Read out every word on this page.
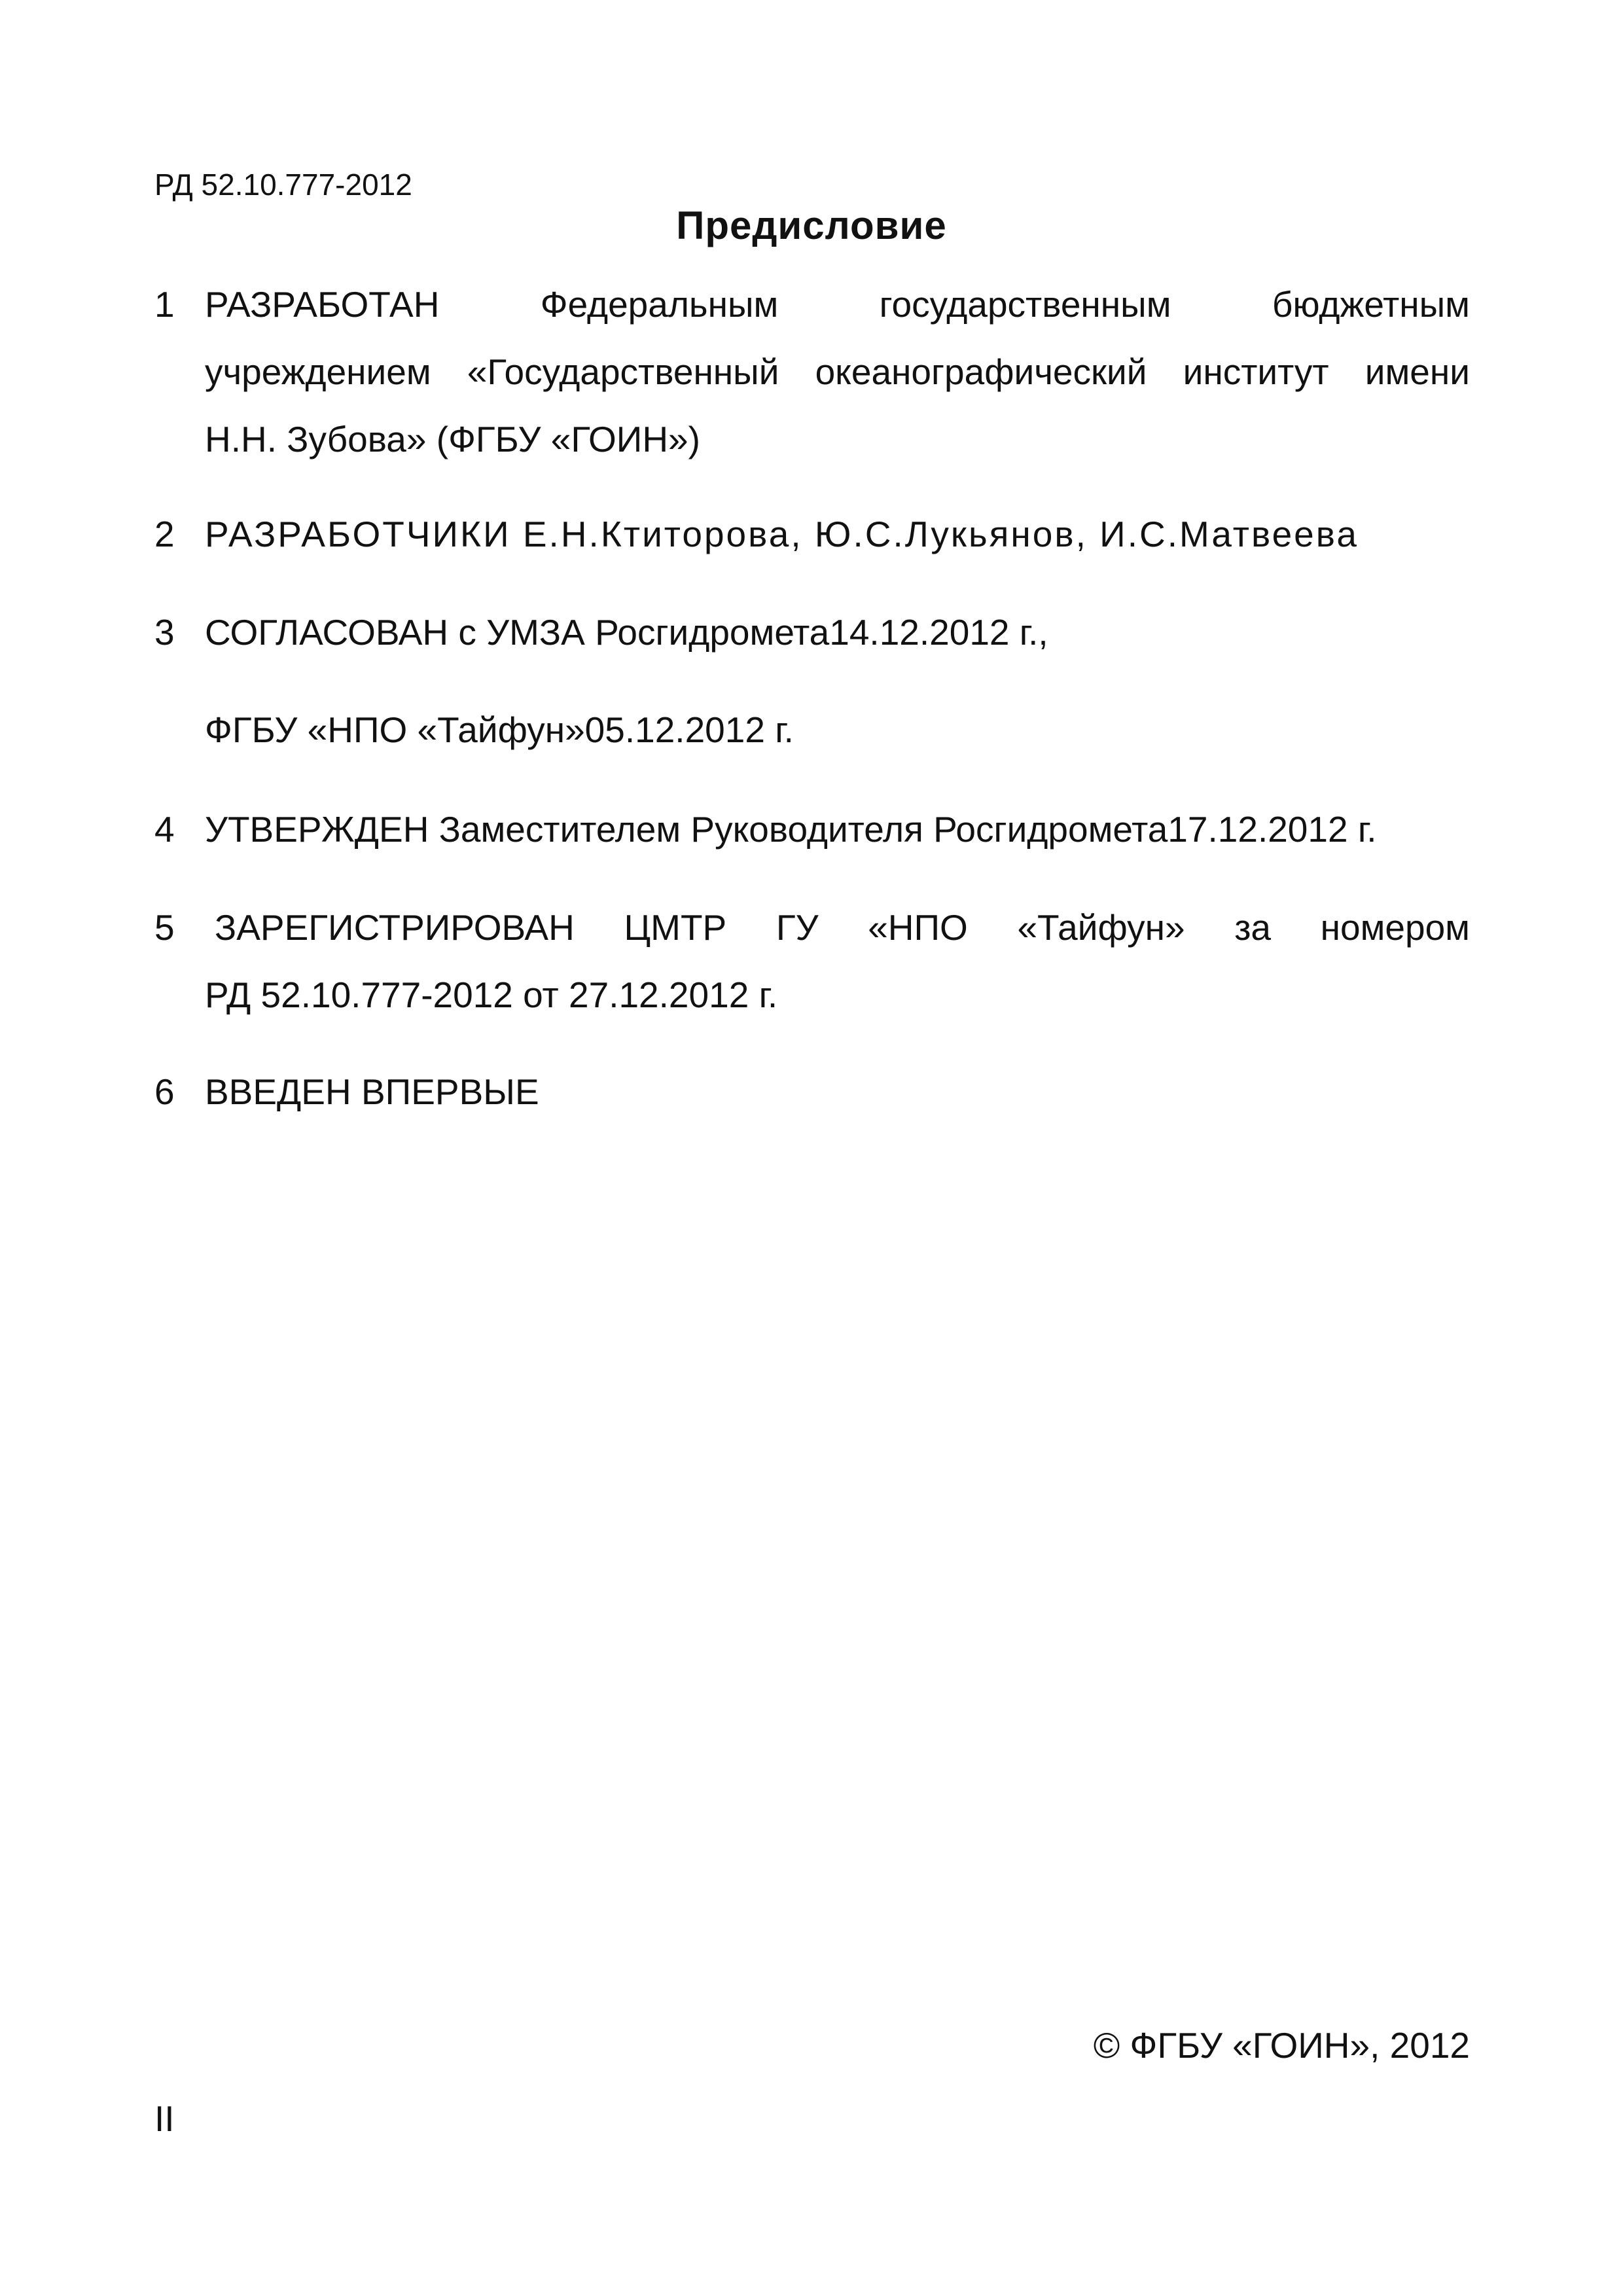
РД 52.10.777-2012
Предисловие
1 РАЗРАБОТАН Федеральным государственным бюджетным
учреждением «Государственный океанографический институт имени
Н.Н. Зубова» (ФГБУ «ГОИН»)
2 РАЗРАБОТЧИКИ Е.Н.Ктиторова, Ю.С.Лукьянов, И.С.Матвеева
3 СОГЛАСОВАН с УМЗА Росгидромета14.12.2012 г.,
ФГБУ «НПО «Тайфун»05.12.2012 г.
4 УТВЕРЖДЕН Заместителем Руководителя Росгидромета17.12.2012 г.
5 ЗАРЕГИСТРИРОВАН ЦМТР ГУ «НПО «Тайфун» за номером
РД 52.10.777-2012 от 27.12.2012 г.
6 ВВЕДЕН ВПЕРВЫЕ
© ФГБУ «ГОИН», 2012
II
